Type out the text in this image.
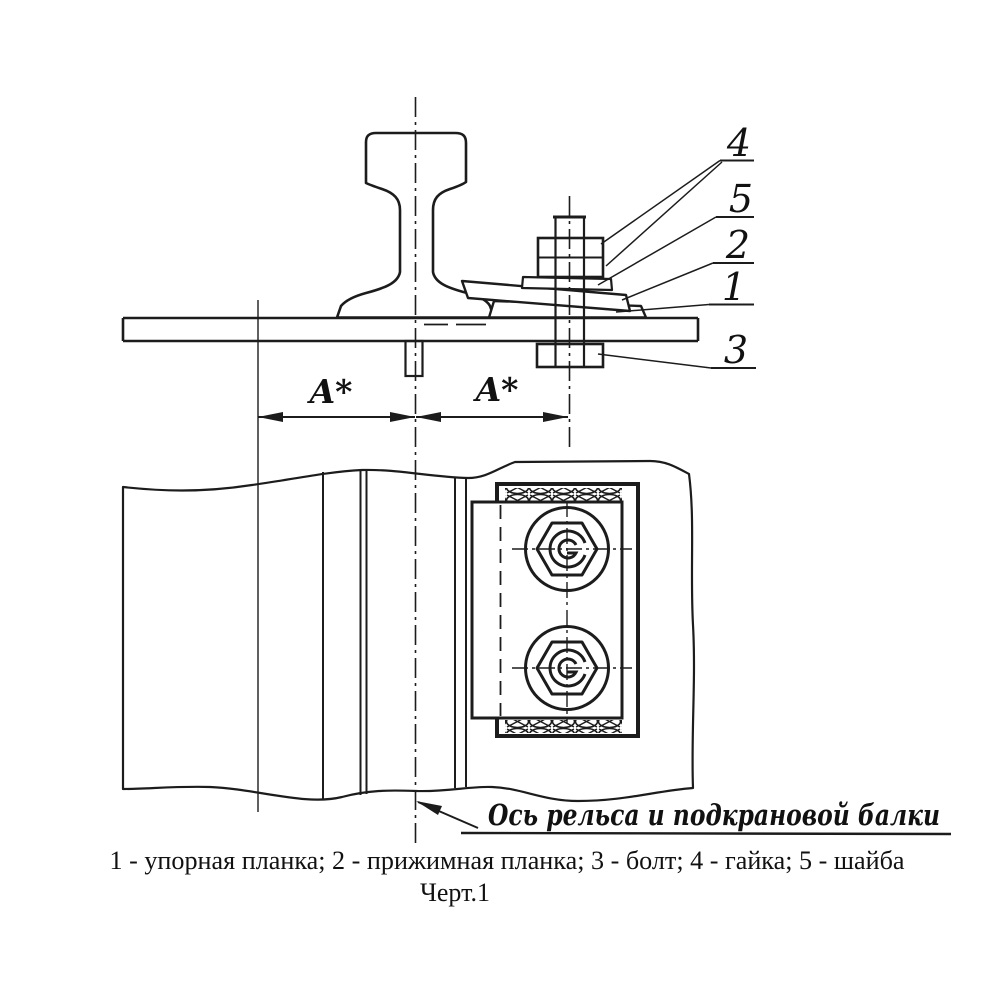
A*	A*
4
5
2
1
3
Ось рельса и подкрановой балки
1 - упорная планка; 2 - прижимная планка; 3 - болт; 4 - гайка; 5 - шайба
Черт.1
